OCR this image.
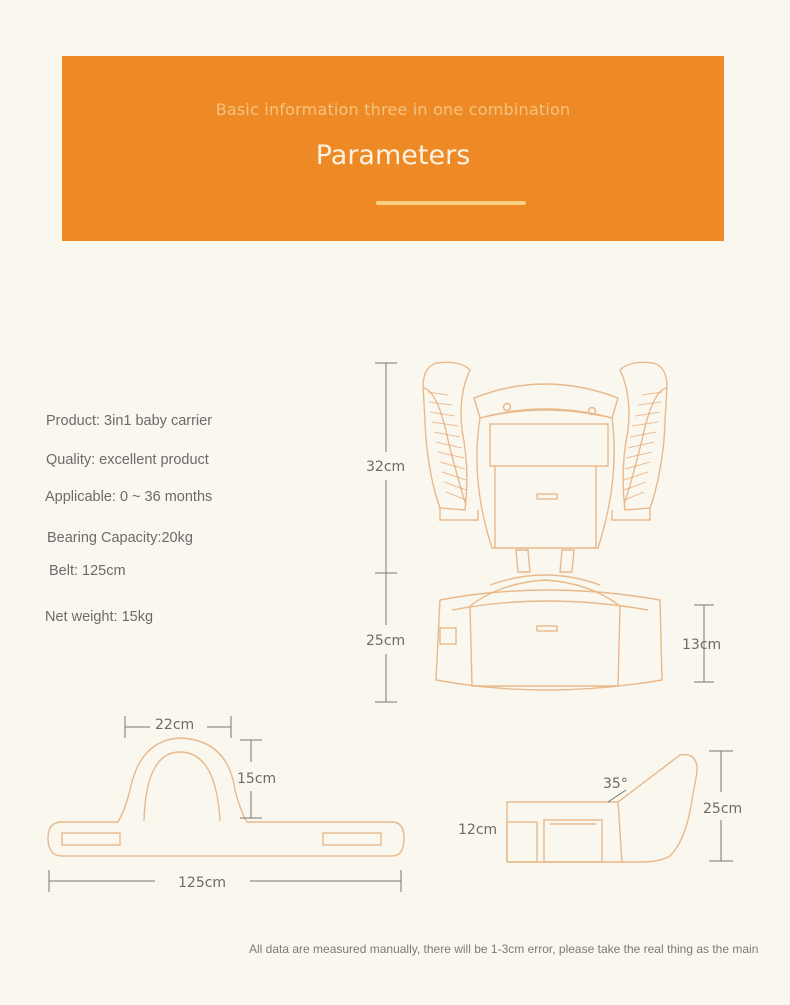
Basic information three in one combination
Parameters
Product: 3in1 baby carrier
Quality: excellent product
Applicable: 0 ~ 36 months
Bearing Capacity:20kg
Belt: 125cm
Net weight: 15kg
32cm
25cm	13cm
22cm
15cm
125cm
35°
12cm
25cm
All data are measured manually, there will be 1-3cm error, please take the real thing as the main
